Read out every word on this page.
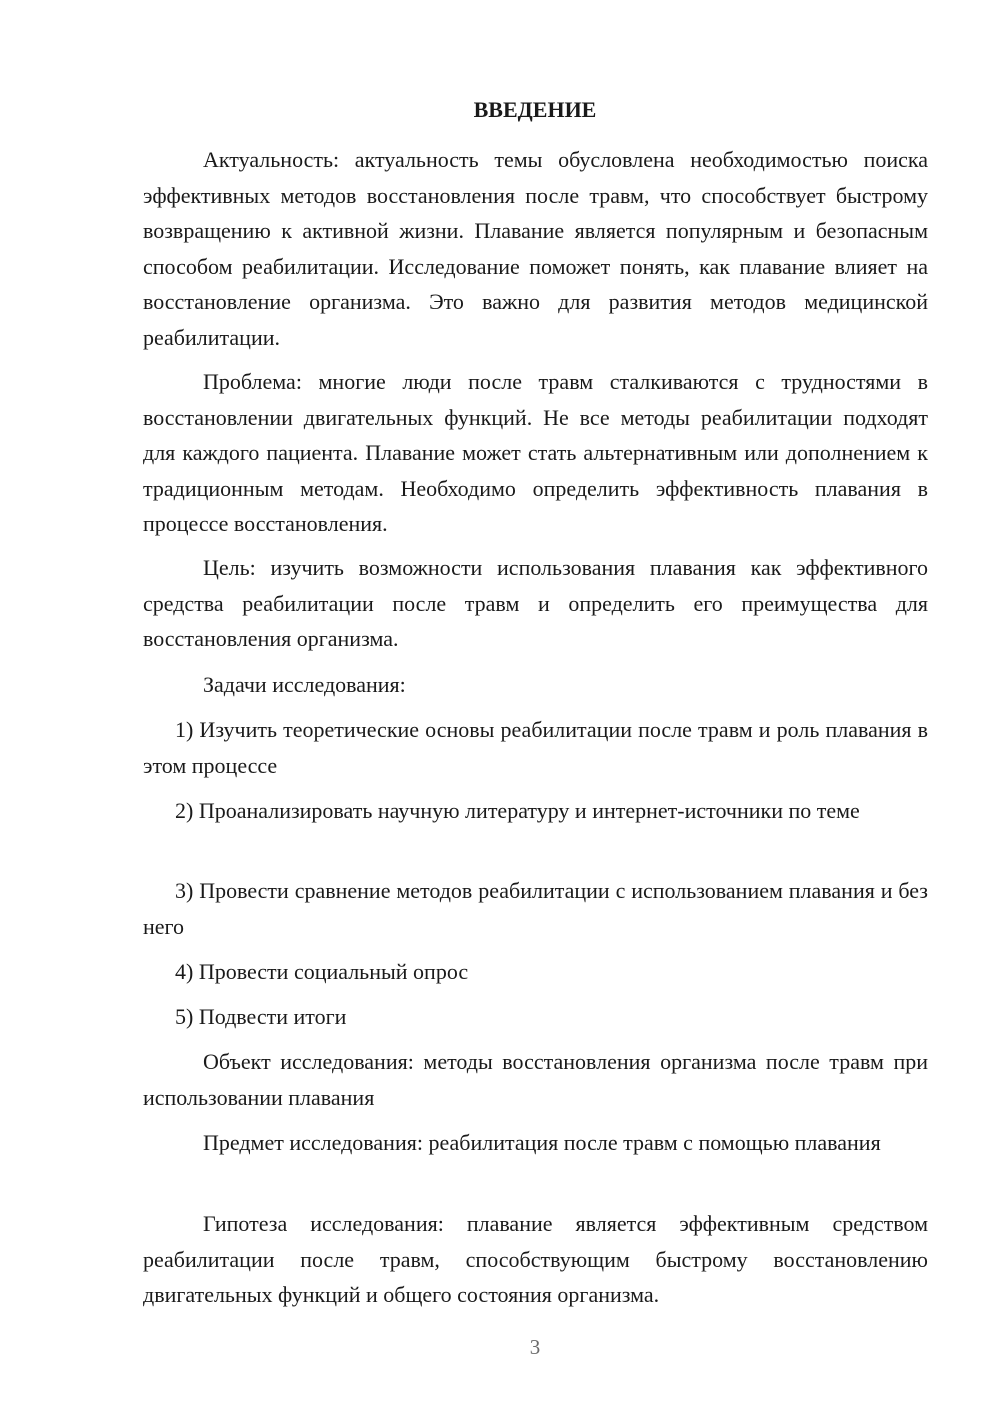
ВВЕДЕНИЕ

Актуальность: актуальность темы обусловлена необходимостью поиска эффективных методов восстановления после травм, что способствует быстрому возвращению к активной жизни. Плавание является популярным и безопасным способом реабилитации. Исследование поможет понять, как плавание влияет на восстановление организма. Это важно для развития методов медицинской реабилитации.

Проблема: многие люди после травм сталкиваются с трудностями в восстановлении двигательных функций. Не все методы реабилитации подходят для каждого пациента. Плавание может стать альтернативным или дополнением к традиционным методам. Необходимо определить эффективность плавания в процессе восстановления.

Цель: изучить возможности использования плавания как эффективного средства реабилитации после травм и определить его преимущества для восстановления организма.

Задачи исследования:

1) Изучить теоретические основы реабилитации после травм и роль плавания в этом процессе

2) Проанализировать научную литературу и интернет-источники по теме

3) Провести сравнение методов реабилитации с использованием плавания и без него

4) Провести социальный опрос

5) Подвести итоги

Объект исследования: методы восстановления организма после травм при использовании плавания

Предмет исследования: реабилитация после травм с помощью плавания

Гипотеза исследования: плавание является эффективным средством реабилитации после травм, способствующим быстрому восстановлению двигательных функций и общего состояния организма.

3
